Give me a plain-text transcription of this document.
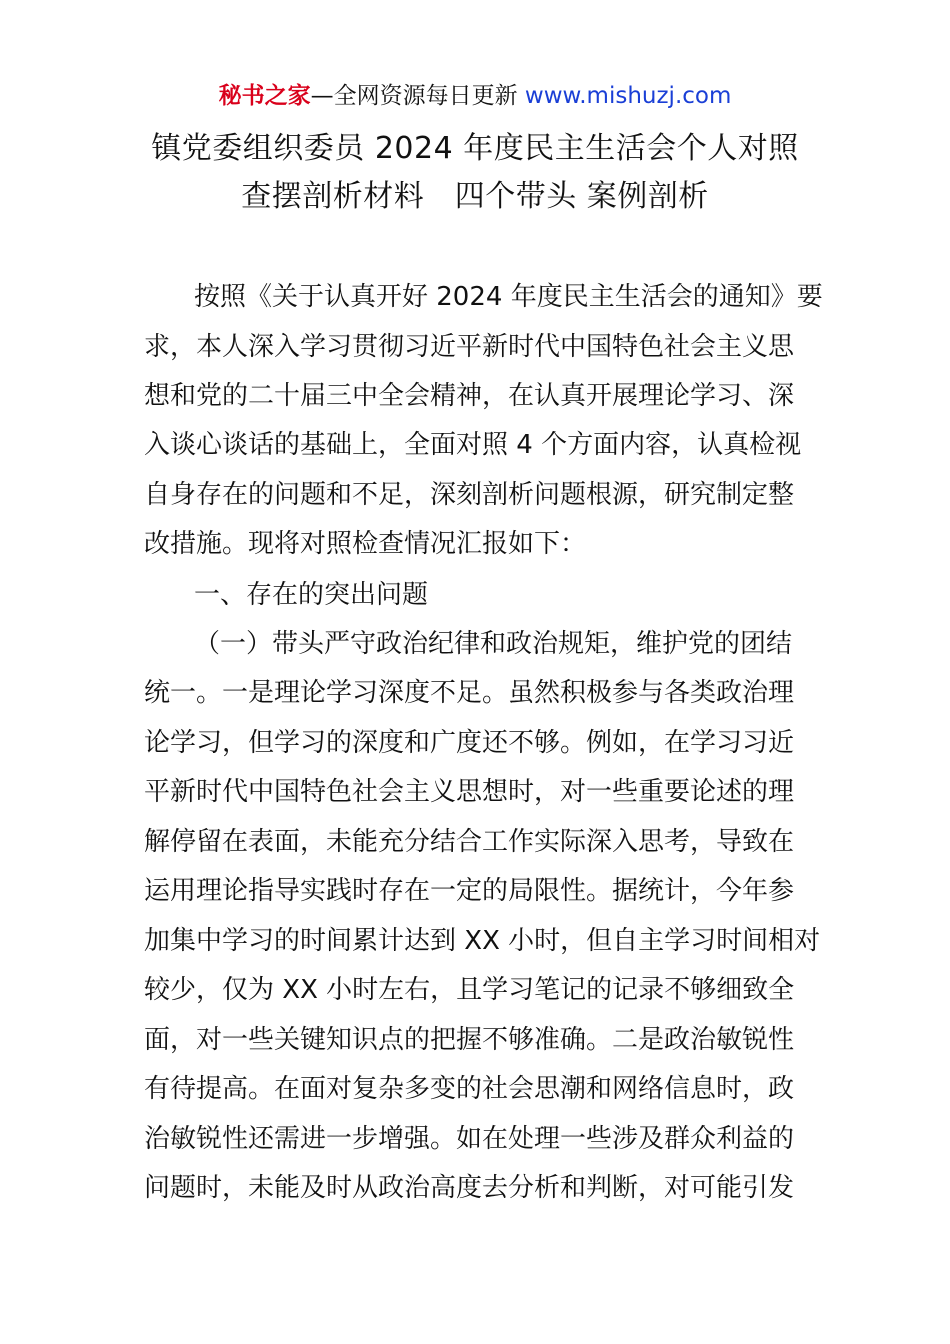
秘书之家—全网资源每日更新 www.mishuzj.com
镇党委组织委员 2024 年度民主生活会个人对照
查摆剖析材料　四个带头 案例剖析
按照《关于认真开好 2024 年度民主生活会的通知》要
求，本人深入学习贯彻习近平新时代中国特色社会主义思
想和党的二十届三中全会精神，在认真开展理论学习、深
入谈心谈话的基础上，全面对照 4 个方面内容，认真检视
自身存在的问题和不足，深刻剖析问题根源，研究制定整
改措施。现将对照检查情况汇报如下：
一、存在的突出问题
（一）带头严守政治纪律和政治规矩，维护党的团结
统一。一是理论学习深度不足。虽然积极参与各类政治理
论学习，但学习的深度和广度还不够。例如，在学习习近
平新时代中国特色社会主义思想时，对一些重要论述的理
解停留在表面，未能充分结合工作实际深入思考，导致在
运用理论指导实践时存在一定的局限性。据统计，今年参
加集中学习的时间累计达到 XX 小时，但自主学习时间相对
较少，仅为 XX 小时左右，且学习笔记的记录不够细致全
面，对一些关键知识点的把握不够准确。二是政治敏锐性
有待提高。在面对复杂多变的社会思潮和网络信息时，政
治敏锐性还需进一步增强。如在处理一些涉及群众利益的
问题时，未能及时从政治高度去分析和判断，对可能引发
